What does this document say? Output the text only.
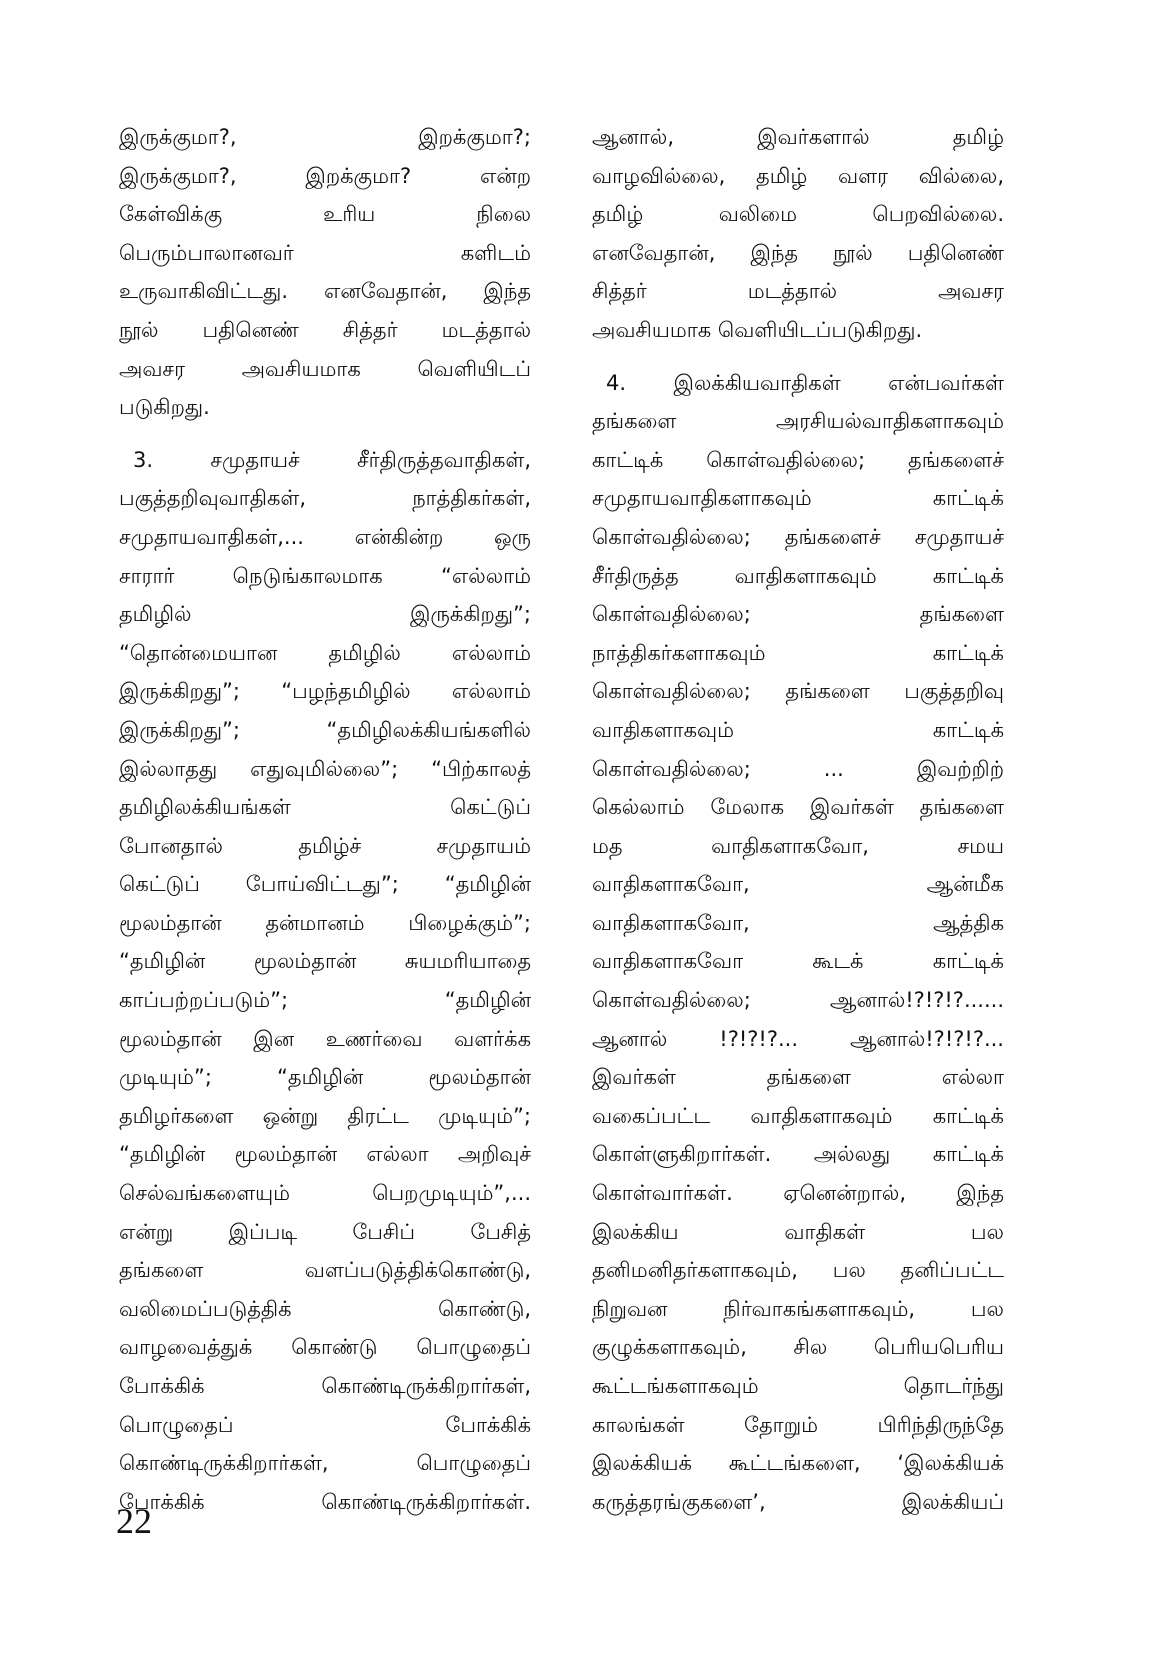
இருக்குமா?, இறக்குமா?;
இருக்குமா?, இறக்குமா? என்ற
கேள்விக்கு உரிய நிலை
பெரும்பாலானவர் களிடம்
உருவாகிவிட்டது. எனவேதான், இந்த
நூல் பதினெண் சித்தர் மடத்தால்
அவசர அவசியமாக வெளியிடப்
படுகிறது.
3. சமுதாயச் சீர்திருத்தவாதிகள்,
பகுத்தறிவுவாதிகள், நாத்திகர்கள்,
சமுதாயவாதிகள்,... என்கின்ற ஒரு
சாரார் நெடுங்காலமாக “எல்லாம்
தமிழில் இருக்கிறது”;
“தொன்மையான தமிழில் எல்லாம்
இருக்கிறது”; “பழந்தமிழில் எல்லாம்
இருக்கிறது”; “தமிழிலக்கியங்களில்
இல்லாதது எதுவுமில்லை”; “பிற்காலத்
தமிழிலக்கியங்கள் கெட்டுப்
போனதால் தமிழ்ச் சமுதாயம்
கெட்டுப் போய்விட்டது”; “தமிழின்
மூலம்தான் தன்மானம் பிழைக்கும்”;
“தமிழின் மூலம்தான் சுயமரியாதை
காப்பற்றப்படும்”; “தமிழின்
மூலம்தான் இன உணர்வை வளர்க்க
முடியும்”; “தமிழின் மூலம்தான்
தமிழர்களை ஒன்று திரட்ட முடியும்”;
“தமிழின் மூலம்தான் எல்லா அறிவுச்
செல்வங்களையும் பெறமுடியும்”,...
என்று இப்படி பேசிப் பேசித்
தங்களை வளப்படுத்திக்கொண்டு,
வலிமைப்படுத்திக் கொண்டு,
வாழவைத்துக் கொண்டு பொழுதைப்
போக்கிக் கொண்டிருக்கிறார்கள்,
பொழுதைப் போக்கிக்
கொண்டிருக்கிறார்கள், பொழுதைப்
போக்கிக் கொண்டிருக்கிறார்கள்.
ஆனால், இவர்களால் தமிழ்
வாழவில்லை, தமிழ் வளர வில்லை,
தமிழ் வலிமை பெறவில்லை.
எனவேதான், இந்த நூல் பதினெண்
சித்தர் மடத்தால் அவசர
அவசியமாக வெளியிடப்படுகிறது.
4. இலக்கியவாதிகள் என்பவர்கள்
தங்களை அரசியல்வாதிகளாகவும்
காட்டிக் கொள்வதில்லை; தங்களைச்
சமுதாயவாதிகளாகவும் காட்டிக்
கொள்வதில்லை; தங்களைச் சமுதாயச்
சீர்திருத்த வாதிகளாகவும் காட்டிக்
கொள்வதில்லை; தங்களை
நாத்திகர்களாகவும் காட்டிக்
கொள்வதில்லை; தங்களை பகுத்தறிவு
வாதிகளாகவும் காட்டிக்
கொள்வதில்லை; ... இவற்றிற்
கெல்லாம் மேலாக இவர்கள் தங்களை
மத வாதிகளாகவோ, சமய
வாதிகளாகவோ, ஆன்மீக
வாதிகளாகவோ, ஆத்திக
வாதிகளாகவோ கூடக் காட்டிக்
கொள்வதில்லை; ஆனால்!?!?!?......
ஆனால் !?!?!?... ஆனால்!?!?!?...
இவர்கள் தங்களை எல்லா
வகைப்பட்ட வாதிகளாகவும் காட்டிக்
கொள்ளுகிறார்கள். அல்லது காட்டிக்
கொள்வார்கள். ஏனென்றால், இந்த
இலக்கிய வாதிகள் பல
தனிமனிதர்களாகவும், பல தனிப்பட்ட
நிறுவன நிர்வாகங்களாகவும், பல
குழுக்களாகவும், சில பெரியபெரிய
கூட்டங்களாகவும் தொடர்ந்து
காலங்கள் தோறும் பிரிந்திருந்தே
இலக்கியக் கூட்டங்களை, ‘இலக்கியக்
கருத்தரங்குகளை’, இலக்கியப்
22
